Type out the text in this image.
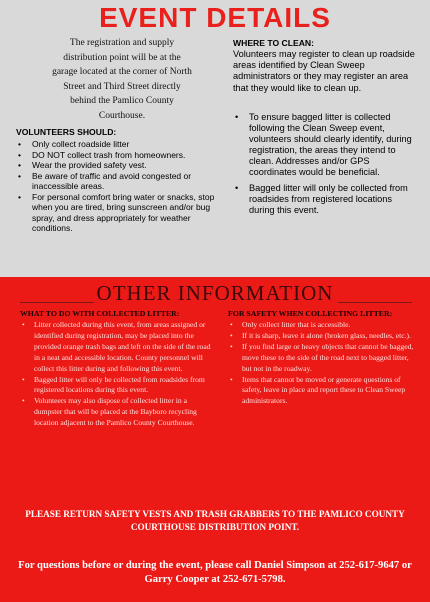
EVENT DETAILS
The registration and supply
distribution point will be at the
garage located at the corner of North
Street and Third Street directly
behind the Pamlico County
Courthouse.
VOLUNTEERS SHOULD:
• Only collect roadside litter
• DO NOT collect trash from homeowners.
• Wear the provided safety vest.
• Be aware of traffic and avoid congested or inaccessible areas.
• For personal comfort bring water or snacks, stop when you are tired, bring sunscreen and/or bug spray, and dress appropriately for weather conditions.
WHERE TO CLEAN:
Volunteers may register to clean up roadside areas identified by Clean Sweep administrators or they may register an area that they would like to clean up.
• To ensure bagged litter is collected following the Clean Sweep event, volunteers should clearly identify, during registration, the areas they intend to clean. Addresses and/or GPS coordinates would be beneficial.
• Bagged litter will only be collected from roadsides from registered locations during this event.
OTHER INFORMATION
WHAT TO DO WITH COLLECTED LITTER:
• Litter collected during this event, from areas assigned or identified during registration, may be placed into the provided orange trash bags and left on the side of the road in a neat and accessible location. County personnel will collect this litter during and following this event.
• Bagged litter will only be collected from roadsides from registered locations during this event.
• Volunteers may also dispose of collected litter in a dumpster that will be placed at the Bayboro recycling location adjacent to the Pamlico County Courthouse.
FOR SAFETY WHEN COLLECTING LITTER:
• Only collect litter that is accessible.
• If it is sharp, leave it alone (broken glass, needles, etc.).
• If you find large or heavy objects that cannot be bagged, move these to the side of the road next to bagged litter, but not in the roadway.
• Items that cannot be moved or generate questions of safety, leave in place and report these to Clean Sweep administrators.
PLEASE RETURN SAFETY VESTS AND TRASH GRABBERS TO THE PAMLICO COUNTY COURTHOUSE DISTRIBUTION POINT.
For questions before or during the event, please call Daniel Simpson at 252-617-9647 or Garry Cooper at 252-671-5798.
